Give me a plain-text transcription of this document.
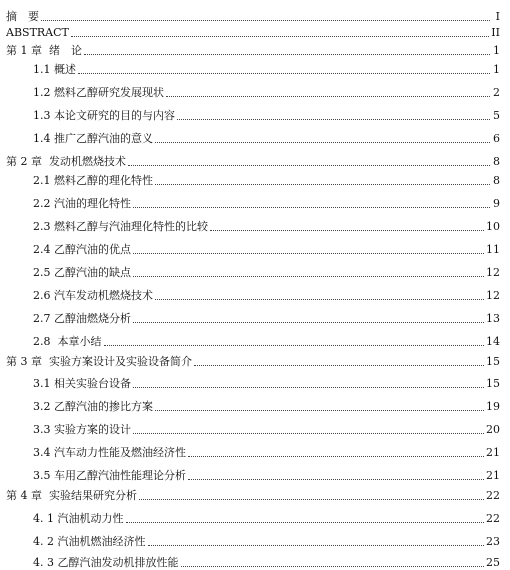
摘　要	I
ABSTRACT	II
第 1 章  绪　论	1
1.1 概述	1
1.2 燃料乙醇研究发展现状	2
1.3 本论文研究的目的与内容	5
1.4 推广乙醇汽油的意义	6
第 2 章  发动机燃烧技术	8
2.1 燃料乙醇的理化特性	8
2.2 汽油的理化特性	9
2.3 燃料乙醇与汽油理化特性的比较	10
2.4 乙醇汽油的优点	11
2.5 乙醇汽油的缺点	12
2.6 汽车发动机燃烧技术	12
2.7 乙醇油燃烧分析	13
2.8  本章小结	14
第 3 章  实验方案设计及实验设备简介	15
3.1 相关实验台设备	15
3.2 乙醇汽油的掺比方案	19
3.3 实验方案的设计	20
3.4 汽车动力性能及燃油经济性	21
3.5 车用乙醇汽油性能理论分析	21
第 4 章  实验结果研究分析	22
4. 1 汽油机动力性	22
4. 2 汽油机燃油经济性	23
4. 3 乙醇汽油发动机排放性能	25
